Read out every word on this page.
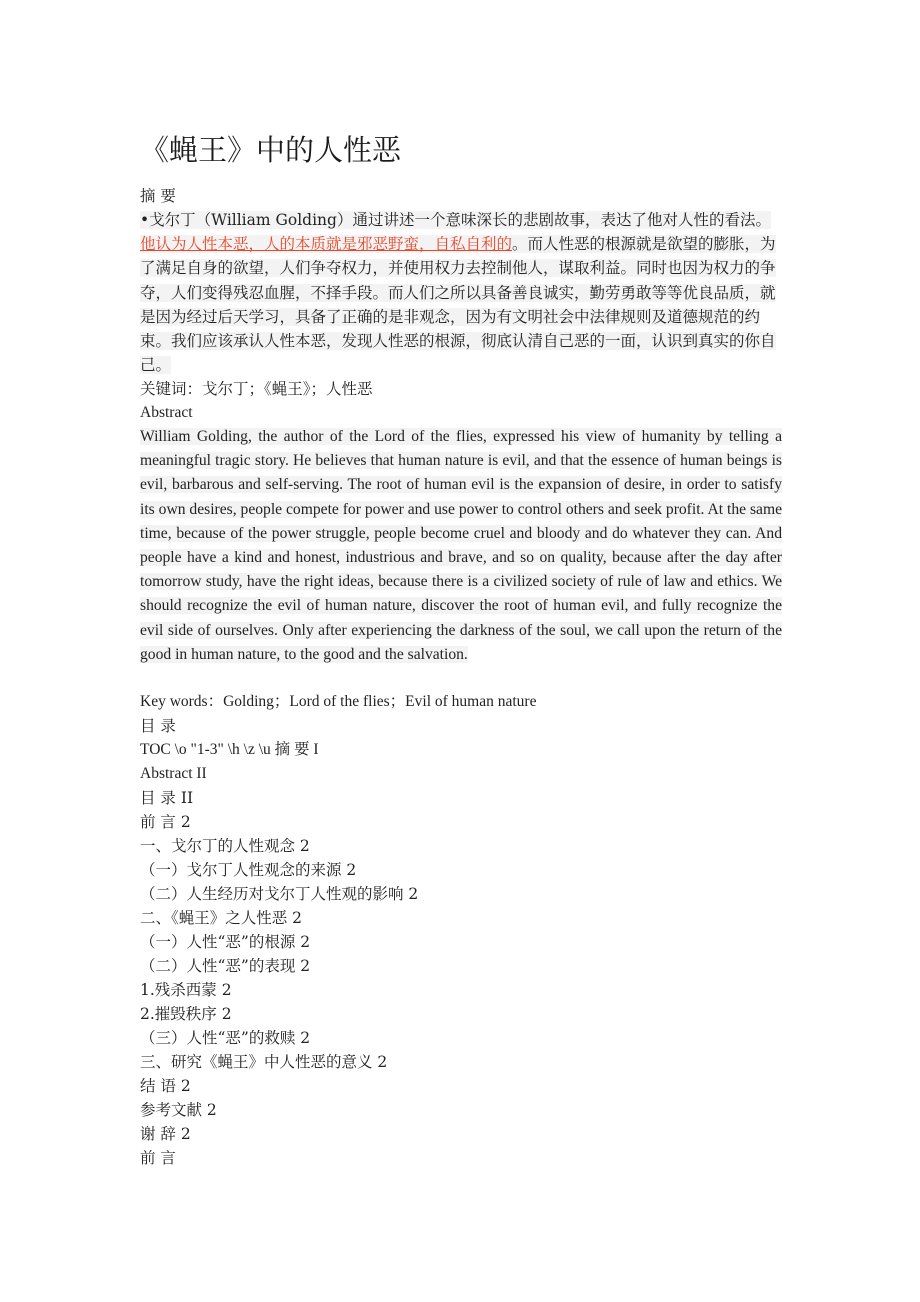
《蝇王》中的人性恶
摘 要
•戈尔丁（William Golding）通过讲述一个意味深长的悲剧故事，表达了他对人性的看法。他认为人性本恶，人的本质就是邪恶野蛮，自私自利的。而人性恶的根源就是欲望的膨胀，为了满足自身的欲望，人们争夺权力，并使用权力去控制他人，谋取利益。同时也因为权力的争夺，人们变得残忍血腥，不择手段。而人们之所以具备善良诚实，勤劳勇敢等等优良品质，就是因为经过后天学习，具备了正确的是非观念，因为有文明社会中法律规则及道德规范的约束。我们应该承认人性本恶，发现人性恶的根源，彻底认清自己恶的一面，认识到真实的你自己。
关键词：戈尔丁；《蝇王》；人性恶
Abstract
William Golding, the author of the Lord of the flies, expressed his view of humanity by telling a meaningful tragic story. He believes that human nature is evil, and that the essence of human beings is evil, barbarous and self-serving. The root of human evil is the expansion of desire, in order to satisfy its own desires, people compete for power and use power to control others and seek profit. At the same time, because of the power struggle, people become cruel and bloody and do whatever they can. And people have a kind and honest, industrious and brave, and so on quality, because after the day after tomorrow study, have the right ideas, because there is a civilized society of rule of law and ethics. We should recognize the evil of human nature, discover the root of human evil, and fully recognize the evil side of ourselves. Only after experiencing the darkness of the soul, we call upon the return of the good in human nature, to the good and the salvation.
Key words：Golding；Lord of the flies；Evil of human nature
目 录
TOC \o "1-3" \h \z \u 摘 要 I
Abstract II
目 录 II
前 言 2
一、戈尔丁的人性观念 2
（一）戈尔丁人性观念的来源 2
（二）人生经历对戈尔丁人性观的影响 2
二、《蝇王》之人性恶 2
（一）人性“恶”的根源 2
（二）人性“恶”的表现 2
1.残杀西蒙 2
2.摧毁秩序 2
（三）人性“恶”的救赎 2
三、研究《蝇王》中人性恶的意义 2
结 语 2
参考文献 2
谢 辞 2
前 言
